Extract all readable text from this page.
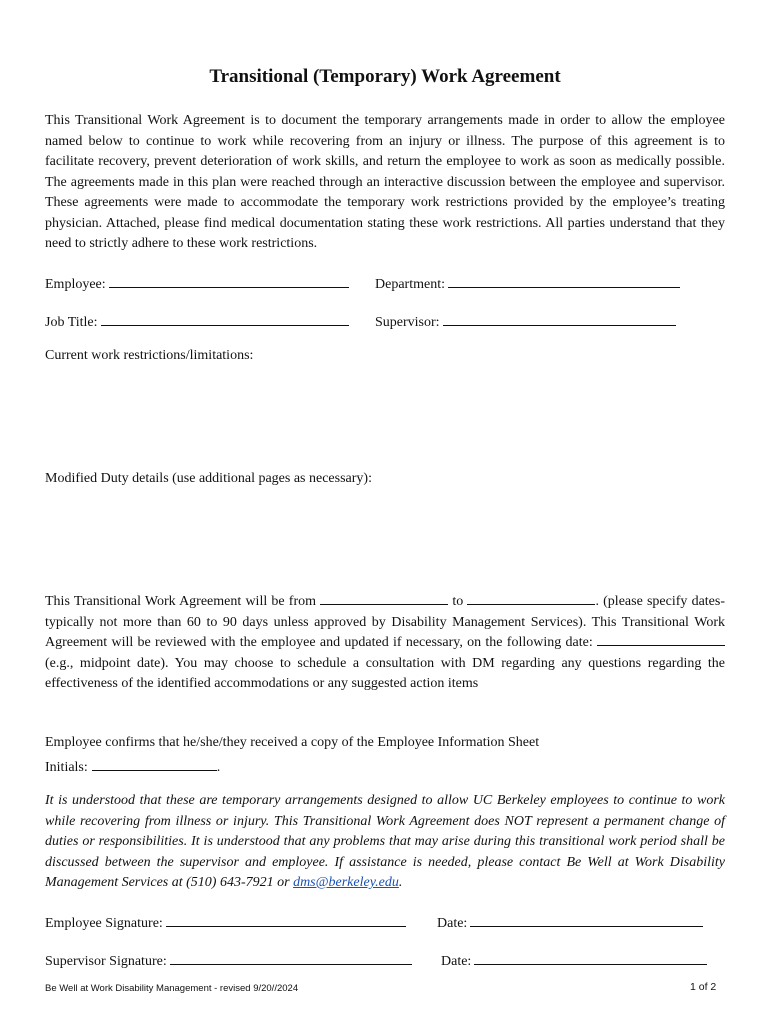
Transitional (Temporary) Work Agreement
This Transitional Work Agreement is to document the temporary arrangements made in order to allow the employee named below to continue to work while recovering from an injury or illness. The purpose of this agreement is to facilitate recovery, prevent deterioration of work skills, and return the employee to work as soon as medically possible. The agreements made in this plan were reached through an interactive discussion between the employee and supervisor. These agreements were made to accommodate the temporary work restrictions provided by the employee’s treating physician. Attached, please find medical documentation stating these work restrictions. All parties understand that they need to strictly adhere to these work restrictions.
Employee:	Department:
Job Title:	Supervisor:
Current work restrictions/limitations:
Modified Duty details (use additional pages as necessary):
This Transitional Work Agreement will be from	to	. (please specify dates-typically not more than 60 to 90 days unless approved by Disability Management Services). This Transitional Work Agreement will be reviewed with the employee and updated if necessary, on the following date:  (e.g., midpoint date). You may choose to schedule a consultation with DM regarding any questions regarding the effectiveness of the identified accommodations or any suggested action items
Employee confirms that he/she/they received a copy of the Employee Information Sheet
Initials:	.
It is understood that these are temporary arrangements designed to allow UC Berkeley employees to continue to work while recovering from illness or injury. This Transitional Work Agreement does NOT represent a permanent change of duties or responsibilities. It is understood that any problems that may arise during this transitional work period shall be discussed between the supervisor and employee. If assistance is needed, please contact Be Well at Work Disability Management Services at (510) 643-7921 or dms@berkeley.edu.
Employee Signature:	Date:
Supervisor Signature:	Date:
Be Well at Work Disability Management - revised 9/20//2024	1 of 2
